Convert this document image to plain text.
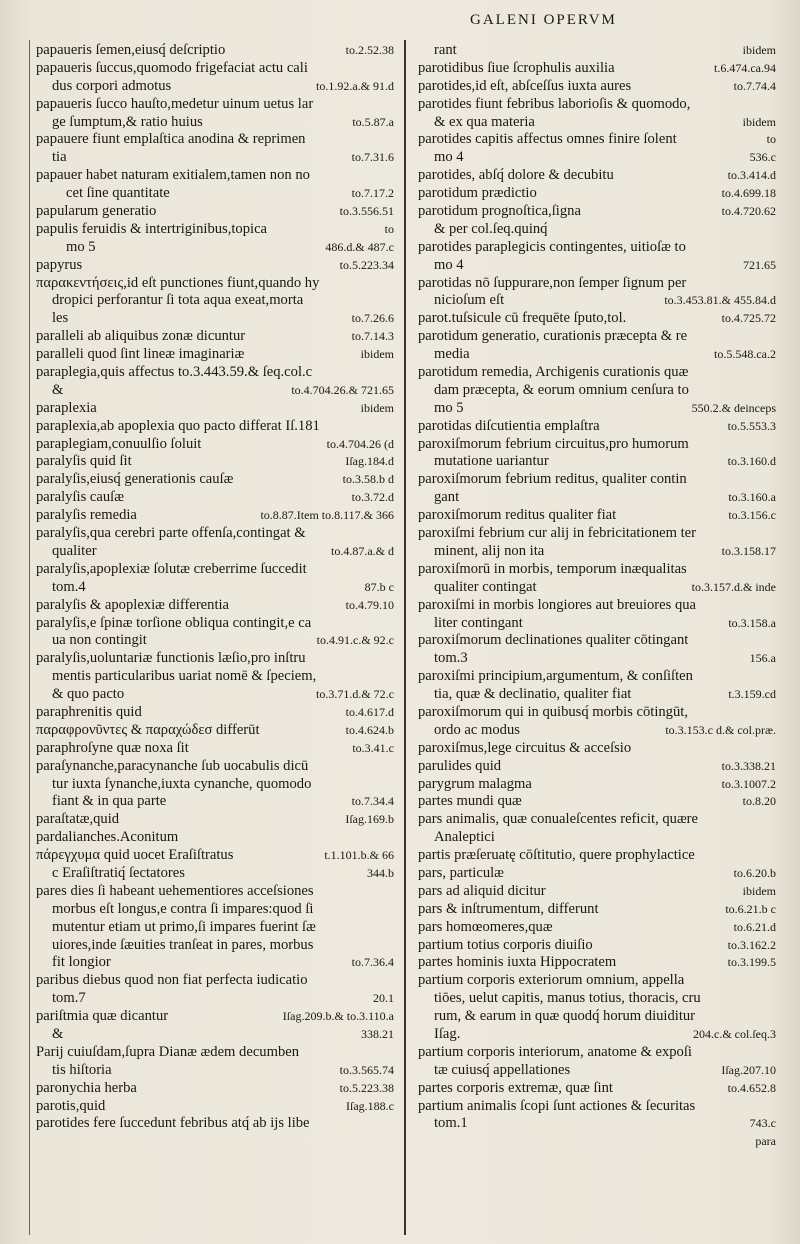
GALENI OPERVM
papaueris ſemen,eiusq́ deſcriptio	to.2.52.38
papaueris ſuccus,quomodo frigefaciat actu cali
dus corpori admotus	to.1.92.a.& 91.d
papaueris ſucco hauſto,medetur uinum uetus lar
ge ſumptum,& ratio huius	to.5.87.a
papauere fiunt emplaſtica anodina & reprimen
tia	to.7.31.6
papauer habet naturam exitialem,tamen non no
cet ſine quantitate	to.7.17.2
papularum generatio	to.3.556.51
papulis feruidis & intertriginibus,topica	to
mo 5	486.d.& 487.c
papyrus	to.5.223.34
παρακεντήσεις,id eſt punctiones fiunt,quando hy
dropici perforantur ſi tota aqua exeat,morta
les	to.7.26.6
paralleli ab aliquibus zonæ dicuntur	to.7.14.3
paralleli quod ſint lineæ imaginariæ	ibidem
paraplegia,quis affectus to.3.443.59.& ſeq.col.c
&	to.4.704.26.& 721.65
paraplexia	ibidem
paraplexia,ab apoplexia quo pacto differat Iſ.181
paraplegiam,conuulſio ſoluit	to.4.704.26 (d
paralyſis quid ſit	Iſag.184.d
paralyſis,eiusq́ generationis cauſæ	to.3.58.b d
paralyſis cauſæ	to.3.72.d
paralyſis remedia	to.8.87.Item to.8.117.& 366
paralyſis,qua cerebri parte offenſa,contingat &
qualiter	to.4.87.a.& d
paralyſis,apoplexiæ ſolutæ creberrime ſuccedit
tom.4	87.b c
paralyſis & apoplexiæ differentia	to.4.79.10
paralyſis,e ſpinæ torſione obliqua contingit,e ca
ua non contingit	to.4.91.c.& 92.c
paralyſis,uoluntariæ functionis læſio,pro inſtru
mentis particularibus uariat nomē & ſpeciem,
& quo pacto	to.3.71.d.& 72.c
paraphrenitis quid	to.4.617.d
παραφρονῦντες & παραχώδεσ differūt	to.4.624.b
paraphroſyne quæ noxa ſit	to.3.41.c
paraſynanche,paracynanche ſub uocabulis dicū
tur iuxta ſynanche,iuxta cynanche, quomodo
fiant & in qua parte	to.7.34.4
paraſtatæ,quid	Iſag.169.b
pardalianches.Aconitum
πάρεγχυμα quid uocet Eraſiſtratus	t.1.101.b.& 66
c Eraſiſtratiq́ ſectatores	344.b
pares dies ſi habeant uehementiores acceſsiones
morbus eſt longus,e contra ſi impares:quod ſi
mutentur etiam ut primo,ſi impares fuerint ſæ
uiores,inde ſæuities tranſeat in pares, morbus
fit longior	to.7.36.4
paribus diebus quod non fiat perfecta iudicatio
tom.7	20.1
pariſtmia quæ dicantur	Iſag.209.b.& to.3.110.a
&	338.21
Parij cuiuſdam,ſupra Dianæ ædem decumben
tis hiſtoria	to.3.565.74
paronychia herba	to.5.223.38
parotis,quid	Iſag.188.c
parotides fere ſuccedunt febribus atq́ ab ijs libe
rant	ibidem
parotidibus ſiue ſcrophulis auxilia	t.6.474.ca.94
parotides,id eſt, abſceſſus iuxta aures	to.7.74.4
parotides fiunt febribus laborioſis & quomodo,
& ex qua materia	ibidem
parotides capitis affectus omnes finire ſolent	to
mo 4	536.c
parotides, abſq́ dolore & decubitu	to.3.414.d
parotidum prædictio	to.4.699.18
parotidum prognoſtica,ſigna	to.4.720.62
& per col.ſeq.quinq́
parotides paraplegicis contingentes, uitioſæ to
mo 4	721.65
parotidas nō ſuppurare,non ſemper ſignum per
nicioſum eſt	to.3.453.81.& 455.84.d
parot.tuſsicule cū frequēte ſputo,tol.	to.4.725.72
parotidum generatio, curationis præcepta & re
media	to.5.548.ca.2
parotidum remedia, Archigenis curationis quæ
dam præcepta, & eorum omnium cenſura to
mo 5	550.2.& deinceps
parotidas diſcutientia emplaſtra	to.5.553.3
paroxiſmorum febrium circuitus,pro humorum
mutatione uariantur	to.3.160.d
paroxiſmorum febrium reditus, qualiter contin
gant	to.3.160.a
paroxiſmorum reditus qualiter fiat	to.3.156.c
paroxiſmi febrium cur alij in febricitationem ter
minent, alij non ita	to.3.158.17
paroxiſmorū in morbis, temporum inæqualitas
qualiter contingat	to.3.157.d.& inde
paroxiſmi in morbis longiores aut breuiores qua
liter contingant	to.3.158.a
paroxiſmorum declinationes qualiter cōtingant
tom.3	156.a
paroxiſmi principium,argumentum, & conſiſten
tia, quæ & declinatio, qualiter fiat	t.3.159.cd
paroxiſmorum qui in quibusq́ morbis cōtingūt,
ordo ac modus	to.3.153.c d.& col.præ.
paroxiſmus,lege circuitus & acceſsio
parulides quid	to.3.338.21
parygrum malagma	to.3.1007.2
partes mundi quæ	to.8.20
pars animalis, quæ conualeſcentes reficit, quære
Analeptici
partis præſeruatę cōſtitutio, quere prophylactice
pars, particulæ	to.6.20.b
pars ad aliquid dicitur	ibidem
pars & inſtrumentum, differunt	to.6.21.b c
pars homœomeres,quæ	to.6.21.d
partium totius corporis diuiſio	to.3.162.2
partes hominis iuxta Hippocratem	to.3.199.5
partium corporis exteriorum omnium, appella
tiōes, uelut capitis, manus totius, thoracis, cru
rum, & earum in quæ quodq́ horum diuiditur
Iſag.	204.c.& col.ſeq.3
partium corporis interiorum, anatome & expoſi
tæ cuiusq́ appellationes	Iſag.207.10
partes corporis extremæ, quæ ſint	to.4.652.8
partium animalis ſcopi ſunt actiones & ſecuritas
tom.1	743.c
para
